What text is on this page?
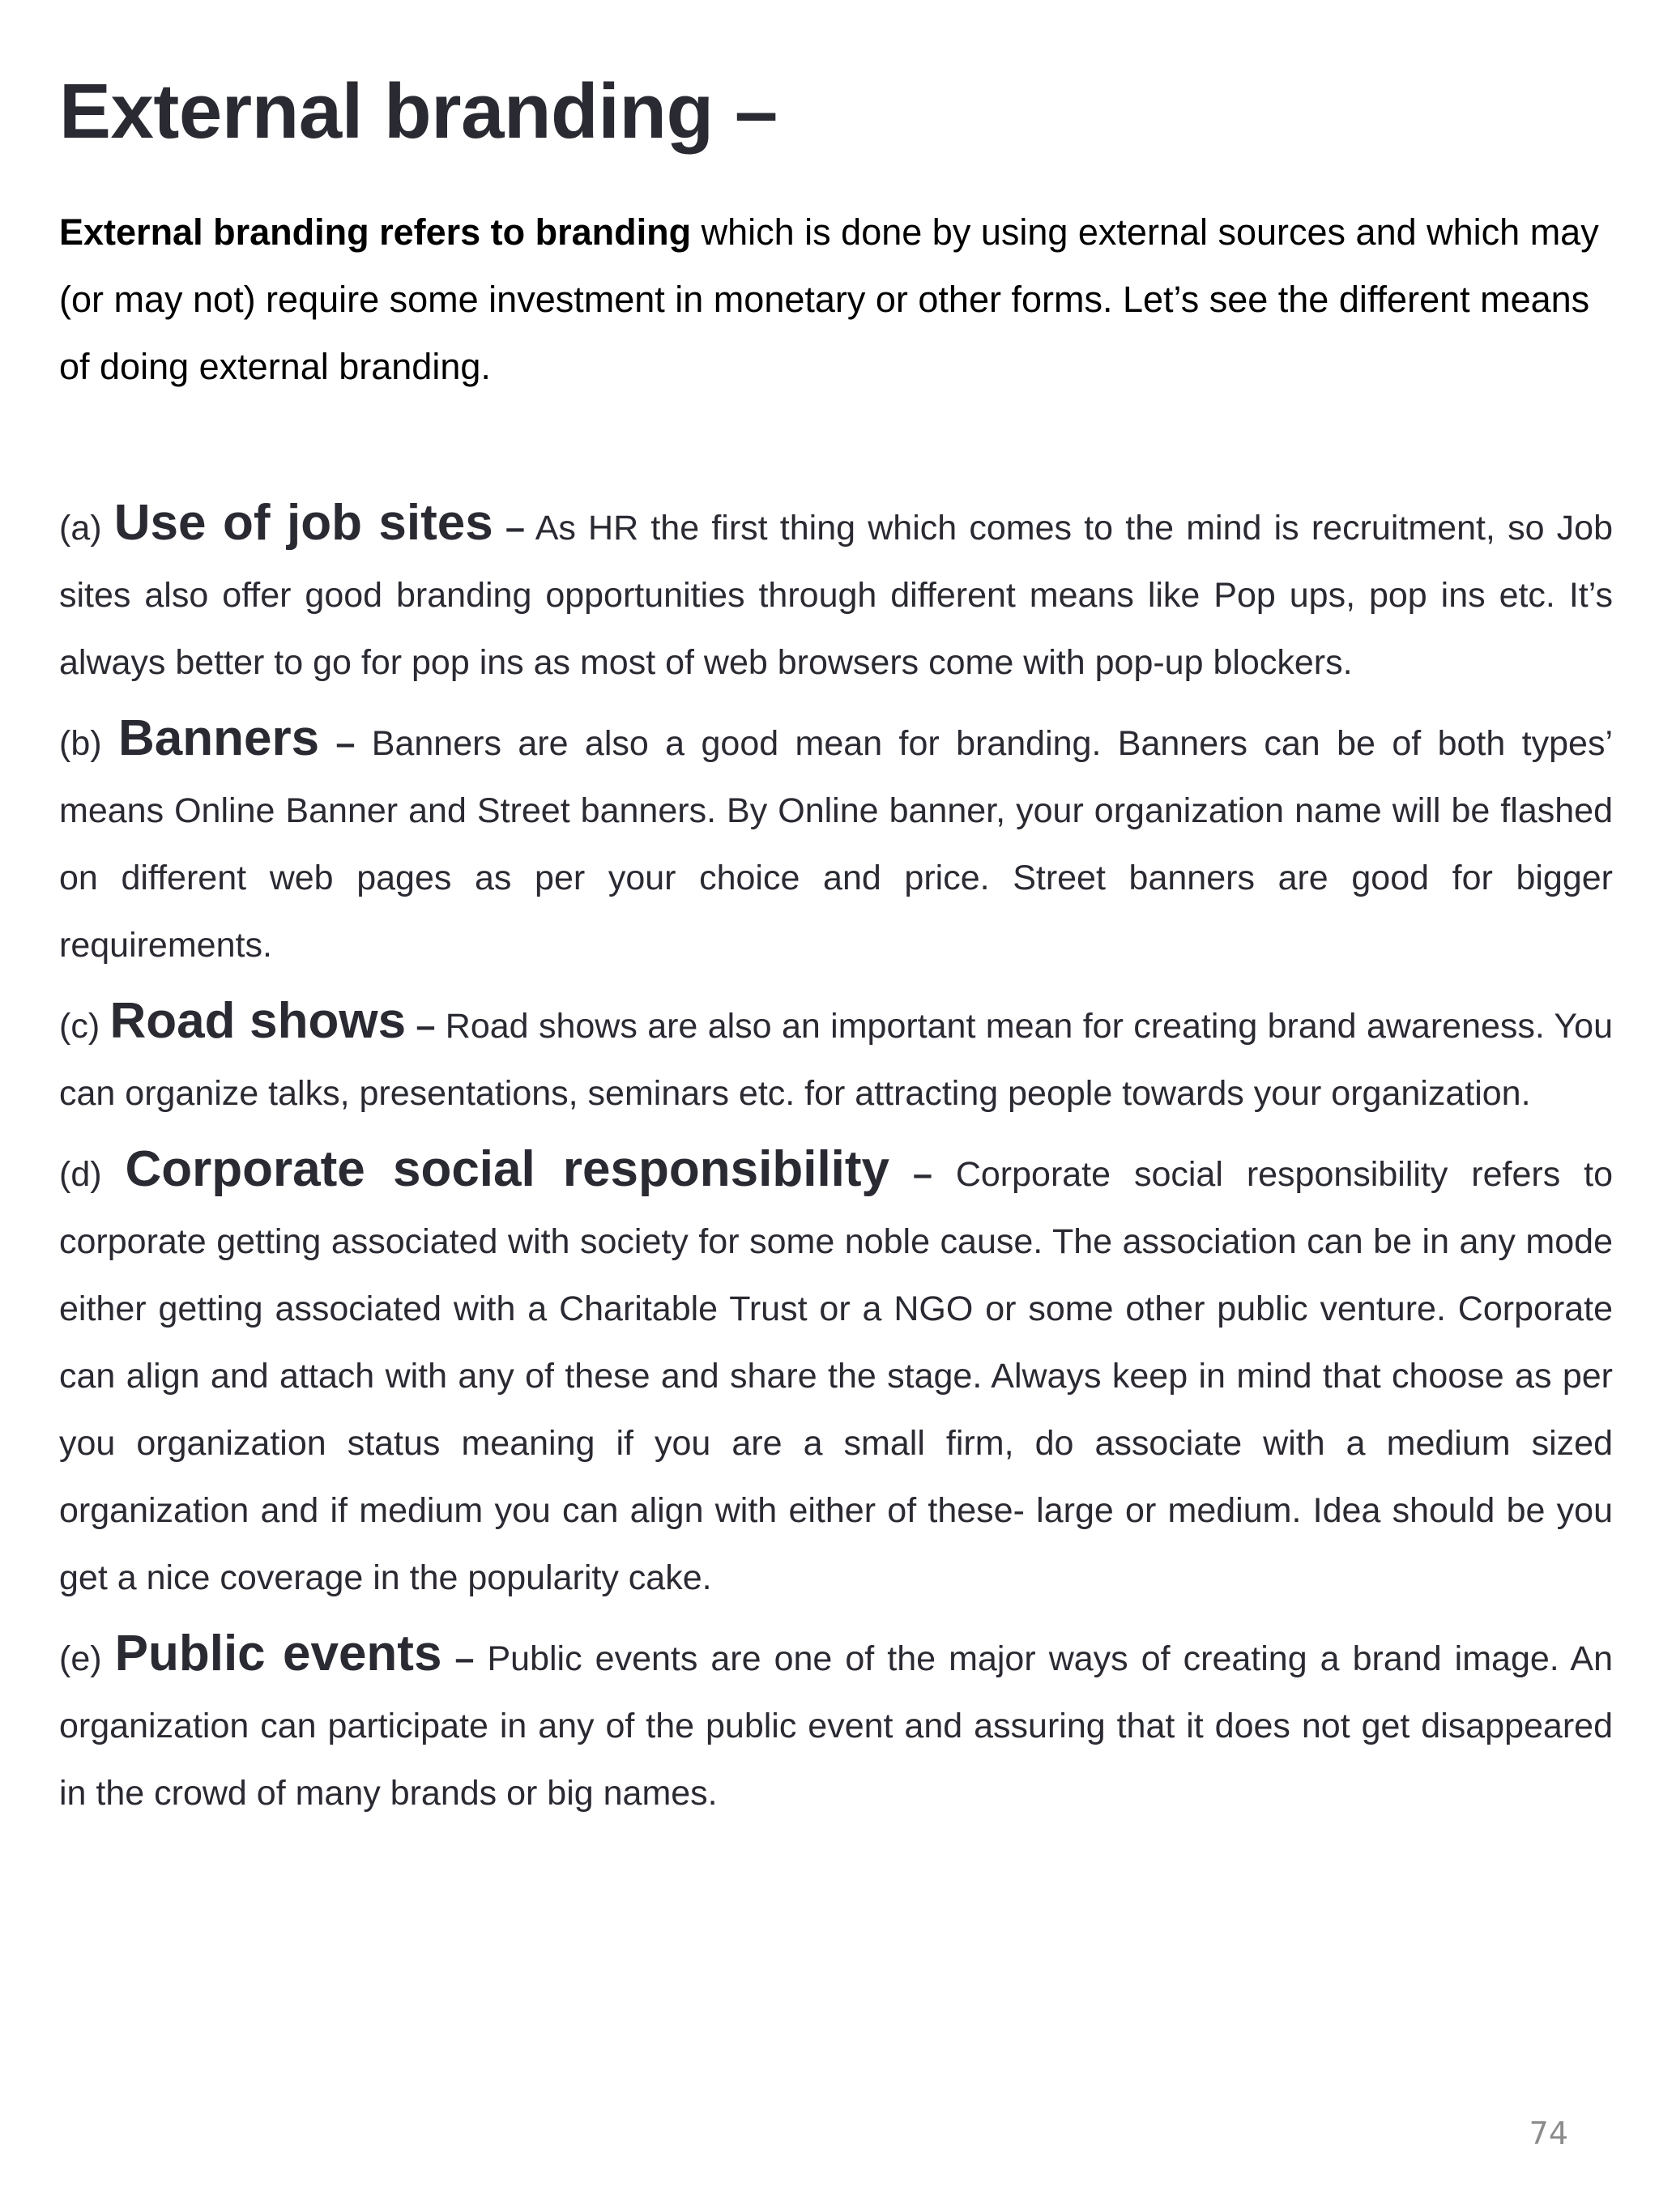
External branding –

External branding refers to branding which is done by using external sources and which may (or may not) require some investment in monetary or other forms. Let’s see the different means of doing external branding.

(a) Use of job sites – As HR the first thing which comes to the mind is recruitment, so Job sites also offer good branding opportunities through different means like Pop ups, pop ins etc. It’s always better to go for pop ins as most of web browsers come with pop-up blockers.

(b) Banners – Banners are also a good mean for branding. Banners can be of both types’ means Online Banner and Street banners. By Online banner, your organization name will be flashed on different web pages as per your choice and price. Street banners are good for bigger requirements.

(c) Road shows – Road shows are also an important mean for creating brand awareness. You can organize talks, presentations, seminars etc. for attracting people towards your organization.

(d) Corporate social responsibility – Corporate social responsibility refers to corporate getting associated with society for some noble cause. The association can be in any mode either getting associated with a Charitable Trust or a NGO or some other public venture. Corporate can align and attach with any of these and share the stage. Always keep in mind that choose as per you organization status meaning if you are a small firm, do associate with a medium sized organization and if medium you can align with either of these- large or medium. Idea should be you get a nice coverage in the popularity cake.

(e) Public events – Public events are one of the major ways of creating a brand image. An organization can participate in any of the public event and assuring that it does not get disappeared in the crowd of many brands or big names.

74
